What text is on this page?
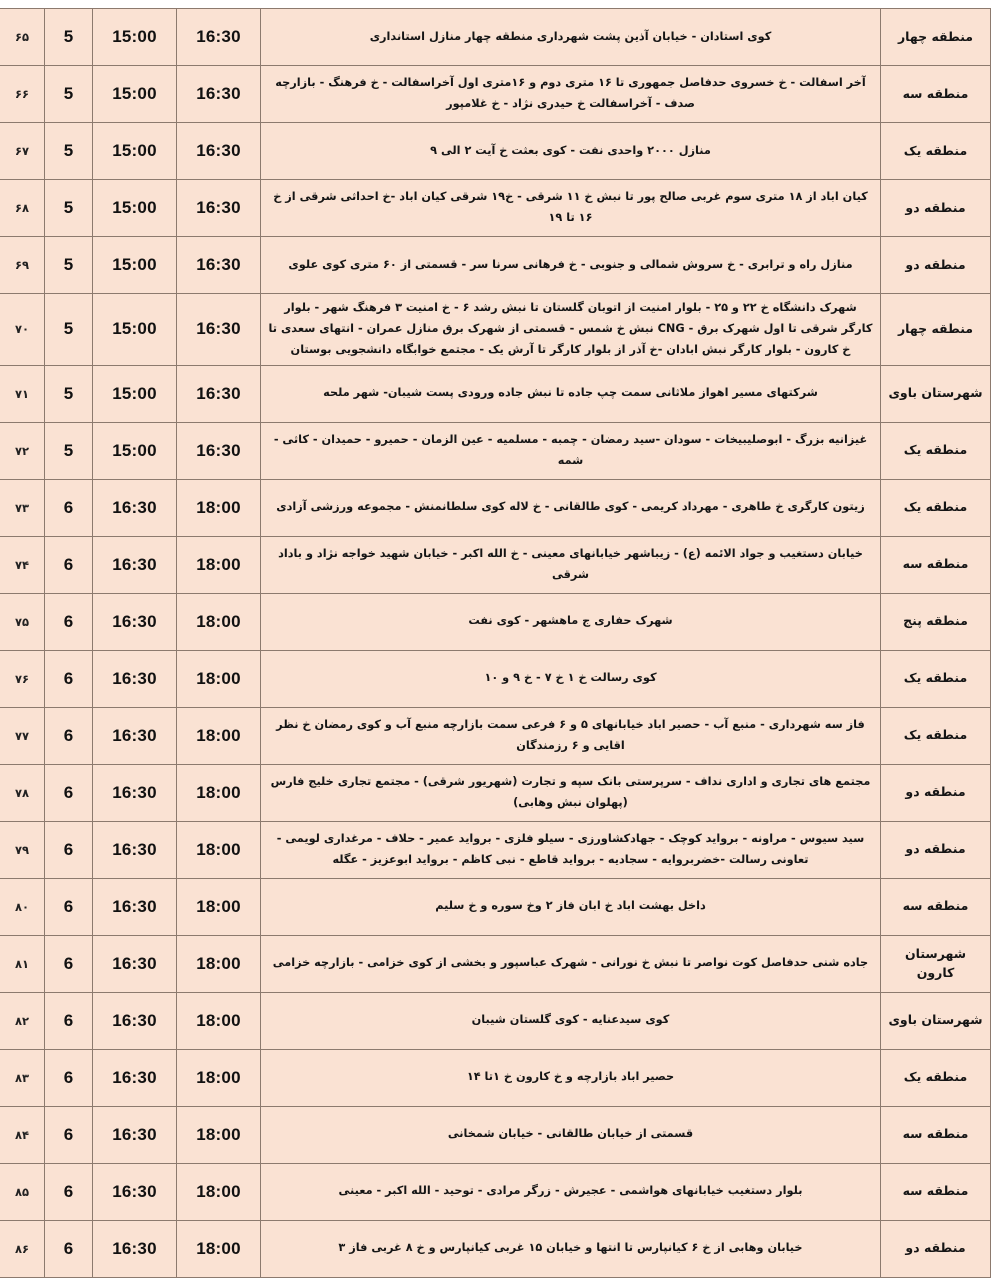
منطقه چهار	کوی استادان - خیابان آذین پشت شهرداری منطقه چهار منازل استانداری	16:30	15:00	5	۶۵
منطقه سه	آخر اسفالت - خ خسروی حدفاصل جمهوری تا ۱۶ متری دوم و ۱۶متری اول آخراسفالت - خ فرهنگ - بازارچه صدف - آخراسفالت خ حیدری نژاد - خ غلامپور	16:30	15:00	5	۶۶
منطقه یک	منازل ۲۰۰۰ واحدی نفت - کوی بعثت خ آیت ۲ الی ۹	16:30	15:00	5	۶۷
منطقه دو	کیان اباد از ۱۸ متری سوم غربی صالح پور تا نبش خ ۱۱ شرقی - خ۱۹ شرقی کیان اباد -خ احداثی شرقی از خ ۱۶ تا ۱۹	16:30	15:00	5	۶۸
منطقه دو	منازل راه و ترابری - خ سروش شمالی و جنوبی - خ فرهانی سرنا سر - قسمتی از ۶۰ متری کوی علوی	16:30	15:00	5	۶۹
منطقه چهار	شهرک دانشگاه خ ۲۲ و ۲۵ - بلوار امنیت از اتوبان گلستان تا نبش رشد ۶ - خ امنیت ۳ فرهنگ شهر - بلوار کارگر شرقی تا اول شهرک برق - CNG نبش خ شمس - قسمتی از شهرک برق منازل عمران - انتهای سعدی تا خ کارون - بلوار کارگر نبش ابادان -خ آذر از بلوار کارگر تا آرش یک - مجتمع خوابگاه دانشجویی بوستان	16:30	15:00	5	۷۰
شهرستان باوی	شرکتهای مسیر اهواز ملاثانی سمت چپ جاده تا نبش جاده ورودی پست شیبان- شهر ملحه	16:30	15:00	5	۷۱
منطقه یک	غیزانیه بزرگ - ابوصلیبیخات - سودان -سید رمضان - چمبه - مسلمیه - عین الزمان - حمیرو - حمیدان - کاثی - شمه	16:30	15:00	5	۷۲
منطقه یک	زیتون کارگری خ طاهری - مهرداد کریمی - کوی طالقانی - خ لاله کوی سلطانمنش - مجموعه ورزشی آزادی	18:00	16:30	6	۷۳
منطقه سه	خیابان دستغیب و جواد الائمه (ع) - زیباشهر خیابانهای معینی - خ الله اکبر - خیابان شهید خواجه نژاد و باداد شرقی	18:00	16:30	6	۷۴
منطقه پنج	شهرک حفاری ج ماهشهر - کوی نفت	18:00	16:30	6	۷۵
منطقه یک	کوی رسالت خ ۱ خ ۷ - خ ۹ و ۱۰	18:00	16:30	6	۷۶
منطقه یک	فاز سه شهرداری - منبع آب - حصیر اباد خیابانهای ۵ و ۶ فرعی سمت بازارچه منبع آب و کوی رمضان خ نظر اقایی و ۶ رزمندگان	18:00	16:30	6	۷۷
منطقه دو	مجتمع های تجاری و اداری نداف - سرپرستی بانک سپه و تجارت (شهریور شرقی) - مجتمع تجاری خلیج فارس (پهلوان نبش وهابی)	18:00	16:30	6	۷۸
منطقه دو	سید سیوس - مراونه - برواید کوچک - جهادکشاورزی - سیلو فلزی - برواید عمیر - حلاف - مرغداری لویمی - تعاونی رسالت -خضربروایه - سجادیه - برواید قاطع - نبی کاظم - برواید ابوعزیز - عگله	18:00	16:30	6	۷۹
منطقه سه	داخل بهشت اباد خ ابان فاز ۲ وخ سوره و خ سلیم	18:00	16:30	6	۸۰
شهرستان کارون	جاده شنی حدفاصل کوت نواصر تا نبش خ نورانی - شهرک عباسپور و بخشی از کوی خزامی - بازارچه خزامی	18:00	16:30	6	۸۱
شهرستان باوی	کوی سیدعنایه - کوی گلستان شیبان	18:00	16:30	6	۸۲
منطقه یک	حصیر اباد بازارچه و خ کارون خ ۱تا ۱۴	18:00	16:30	6	۸۳
منطقه سه	قسمتی از خیابان طالقانی - خیابان شمخانی	18:00	16:30	6	۸۴
منطقه سه	بلوار دستغیب خیابانهای هواشمی - عجیرش - زرگر مرادی - توحید - الله اکبر - معینی	18:00	16:30	6	۸۵
منطقه دو	خیابان وهابی از خ ۶ کیانپارس تا انتها و خیابان ۱۵ غربی کیانپارس و خ ۸ غربی فاز ۳	18:00	16:30	6	۸۶
